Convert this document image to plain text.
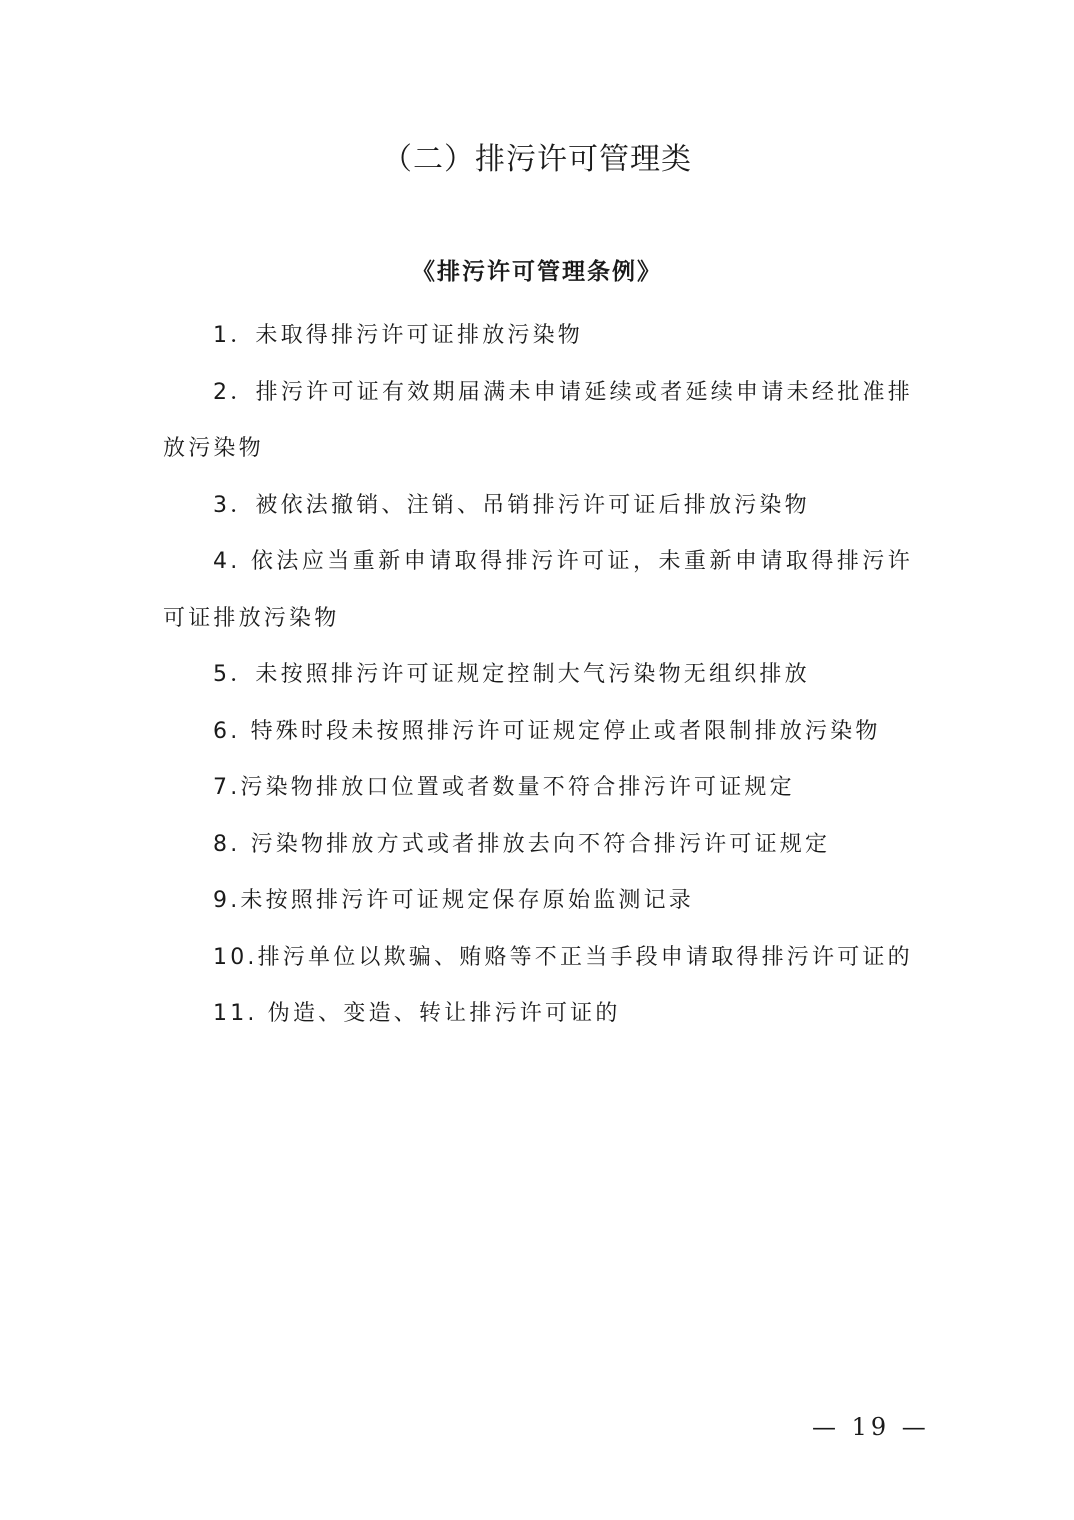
（二）排污许可管理类
《排污许可管理条例》
1．未取得排污许可证排放污染物
2．排污许可证有效期届满未申请延续或者延续申请未经批准排放污染物
3．被依法撤销、注销、吊销排污许可证后排放污染物
4. 依法应当重新申请取得排污许可证，未重新申请取得排污许可证排放污染物
5．未按照排污许可证规定控制大气污染物无组织排放
6. 特殊时段未按照排污许可证规定停止或者限制排放污染物
7.污染物排放口位置或者数量不符合排污许可证规定
8. 污染物排放方式或者排放去向不符合排污许可证规定
9.未按照排污许可证规定保存原始监测记录
10.排污单位以欺骗、贿赂等不正当手段申请取得排污许可证的
11. 伪造、变造、转让排污许可证的
— 19 —
